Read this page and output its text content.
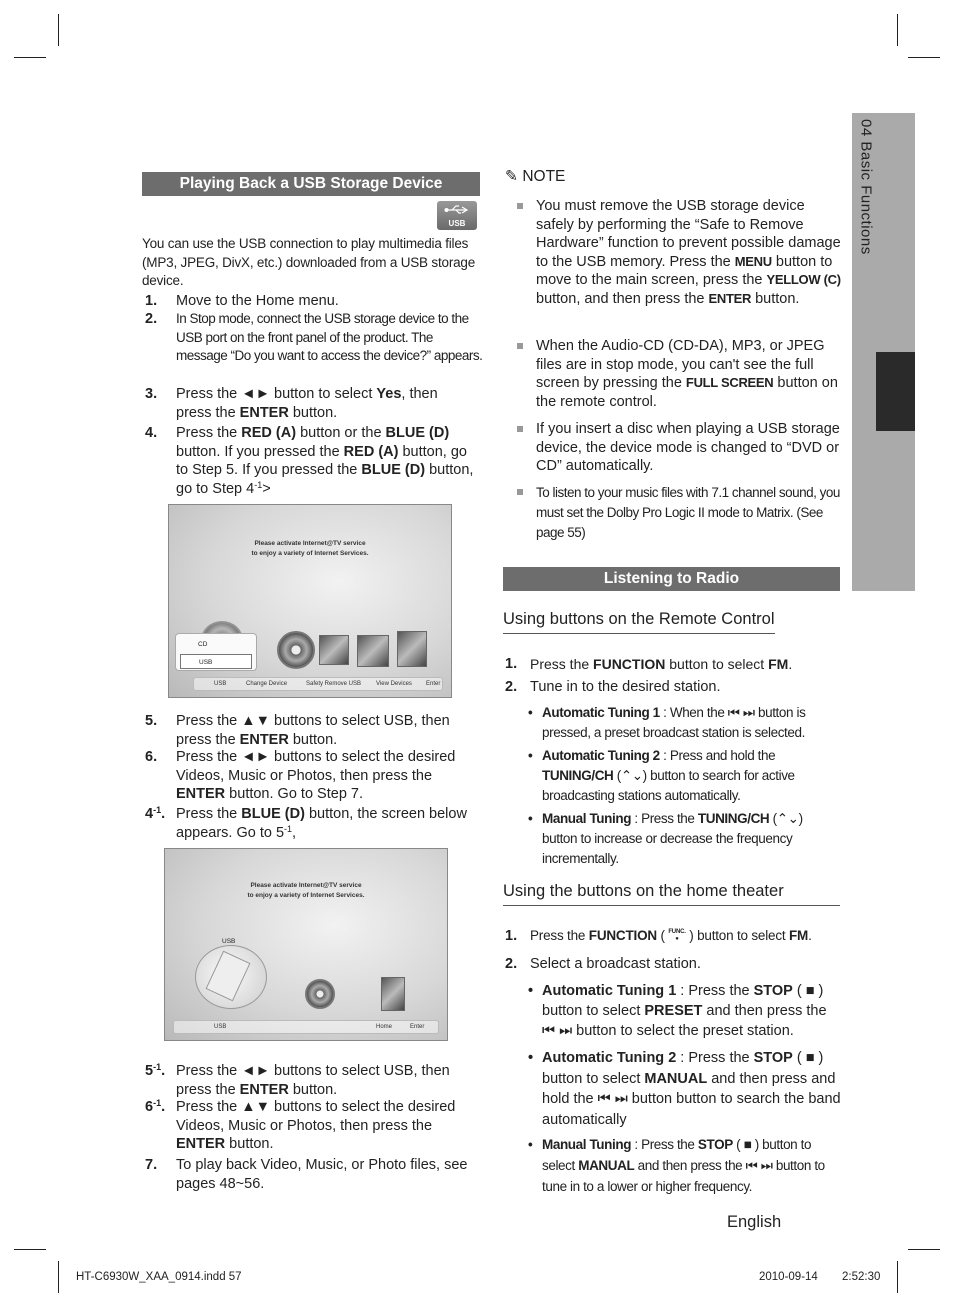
04 Basic Functions
Playing Back a USB Storage Device
USB
You can use the USB connection to play multimedia files (MP3, JPEG, DivX, etc.) downloaded from a USB storage device.
1. Move to the Home menu.
2. In Stop mode, connect the USB storage device to the USB port on the front panel of the product. The message “Do you want to access the device?” appears.
3. Press the ◄► button to select Yes, then press the ENTER button.
4. Press the RED (A) button or the BLUE (D) button. If you pressed the RED (A) button, go to Step 5. If you pressed the BLUE (D) button, go to Step $4^{-1}>$
Please activate Internet@TV service
to enjoy a variety of Internet Services.
CD
USB
USB	Change Device	Safety Remove USB View Devices Enter
5. Press the ▲▼ buttons to select USB, then press the ENTER button.
6. Press the ◄► buttons to select the desired Videos, Music or Photos, then press the ENTER button. Go to Step 7.
$4^{-1}$. Press the BLUE (D) button, the screen below appears. Go to $5^{-1}$,
Please activate Internet@TV service
to enjoy a variety of Internet Services.
USB
USB	Home	Enter
$5^{-1}$. Press the ◄► buttons to select USB, then press the ENTER button.
$6^{-1}$. Press the ▲▼ buttons to select the desired Videos, Music or Photos, then press the ENTER button.
7. To play back Video, Music, or Photo files, see pages 48~56.
✎ NOTE
You must remove the USB storage device safely by performing the “Safe to Remove Hardware” function to prevent possible damage to the USB memory. Press the MENU button to move to the main screen, press the YELLOW (C) button, and then press the ENTER button.
When the Audio-CD (CD-DA), MP3, or JPEG files are in stop mode, you can't see the full screen by pressing the FULL SCREEN button on the remote control.
If you insert a disc when playing a USB storage device, the device mode is changed to “DVD or CD” automatically.
To listen to your music files with 7.1 channel sound, you must set the Dolby Pro Logic II mode to Matrix. (See page 55)
Listening to Radio
Using buttons on the Remote Control
1. Press the FUNCTION button to select FM.
2. Tune in to the desired station.
• Automatic Tuning 1 : When the ⏮ ⏭ button is pressed, a preset broadcast station is selected.
• Automatic Tuning 2 : Press and hold the TUNING/CH (⌃⌄) button to search for active broadcasting stations automatically.
• Manual Tuning : Press the TUNING/CH (⌃⌄) button to increase or decrease the frequency incrementally.
Using the buttons on the home theater
1. Press the FUNCTION ( FUNC.
● ) button to select FM.
2. Select a broadcast station.
• Automatic Tuning 1 : Press the STOP ( ■ ) button to select PRESET and then press the ⏮ ⏭ button to select the preset station.
• Automatic Tuning 2 : Press the STOP ( ■ ) button to select MANUAL and then press and hold the ⏮ ⏭ button button to search the band automatically
• Manual Tuning : Press the STOP ( ■ ) button to select MANUAL and then press the ⏮ ⏭ button to tune in to a lower or higher frequency.
English
HT-C6930W_XAA_0914.indd 57	2010-09-14 2:52:30
